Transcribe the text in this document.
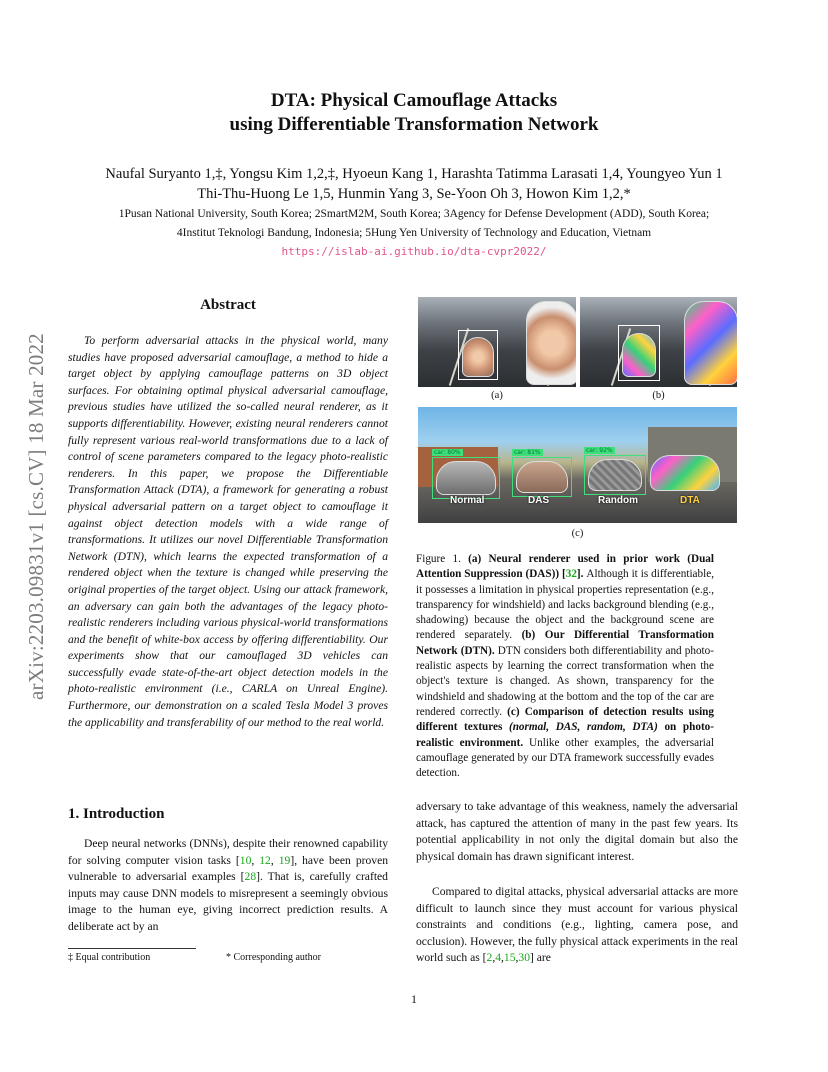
DTA: Physical Camouflage Attacks
using Differentiable Transformation Network
Naufal Suryanto 1,‡, Yongsu Kim 1,2,‡, Hyoeun Kang 1, Harashta Tatimma Larasati 1,4, Youngyeo Yun 1
Thi-Thu-Huong Le 1,5, Hunmin Yang 3, Se-Yoon Oh 3, Howon Kim 1,2,*
1Pusan National University, South Korea; 2SmartM2M, South Korea; 3Agency for Defense Development (ADD), South Korea;
4Institut Teknologi Bandung, Indonesia; 5Hung Yen University of Technology and Education, Vietnam
https://islab-ai.github.io/dta-cvpr2022/
arXiv:2203.09831v1 [cs.CV] 18 Mar 2022
Abstract

To perform adversarial attacks in the physical world, many studies have proposed adversarial camouflage, a method to hide a target object by applying camouflage patterns on 3D object surfaces. For obtaining optimal physical adversarial camouflage, previous studies have utilized the so-called neural renderer, as it supports differentiability. However, existing neural renderers cannot fully represent various real-world transformations due to a lack of control of scene parameters compared to the legacy photo-realistic renderers. In this paper, we propose the Differentiable Transformation Attack (DTA), a framework for generating a robust physical adversarial pattern on a target object to camouflage it against object detection models with a wide range of transformations. It utilizes our novel Differentiable Transformation Network (DTN), which learns the expected transformation of a rendered object when the texture is changed while preserving the original properties of the target object. Using our attack framework, an adversary can gain both the advantages of the legacy photo-realistic renderers including various physical-world transformations and the benefit of white-box access by offering differentiability. Our experiments show that our camouflaged 3D vehicles can successfully evade state-of-the-art object detection models in the photo-realistic environment (i.e., CARLA on Unreal Engine). Furthermore, our demonstration on a scaled Tesla Model 3 proves the applicability and transferability of our method to the real world.

(a)	(b)
car: 80%	car: 81%	car: 92%
Normal	DAS	Random	DTA
(c)

Figure 1. (a) Neural renderer used in prior work (Dual Attention Suppression (DAS)) [32]. Although it is differentiable, it possesses a limitation in physical properties representation (e.g., transparency for windshield) and lacks background blending (e.g., shadowing) because the object and the background scene are rendered separately. (b) Our Differential Transformation Network (DTN). DTN considers both differentiability and photo-realistic aspects by learning the correct transformation when the object's texture is changed. As shown, transparency for the windshield and shadowing at the bottom and the top of the car are rendered correctly. (c) Comparison of detection results using different textures (normal, DAS, random, DTA) on photo-realistic environment. Unlike other examples, the adversarial camouflage generated by our DTA framework successfully evades detection.

1. Introduction

Deep neural networks (DNNs), despite their renowned capability for solving computer vision tasks [10, 12, 19], have been proven vulnerable to adversarial examples [28]. That is, carefully crafted inputs may cause DNN models to misrepresent a seemingly obvious image to the human eye, giving incorrect prediction results. A deliberate act by an

adversary to take advantage of this weakness, namely the adversarial attack, has captured the attention of many in the past few years. Its potential applicability in not only the digital domain but also the physical domain has drawn significant interest.

Compared to digital attacks, physical adversarial attacks are more difficult to launch since they must account for various physical constraints and conditions (e.g., lighting, camera pose, and occlusion). However, the fully physical attack experiments in the real world such as [2,4,15,30] are

‡ Equal contribution	* Corresponding author
1
